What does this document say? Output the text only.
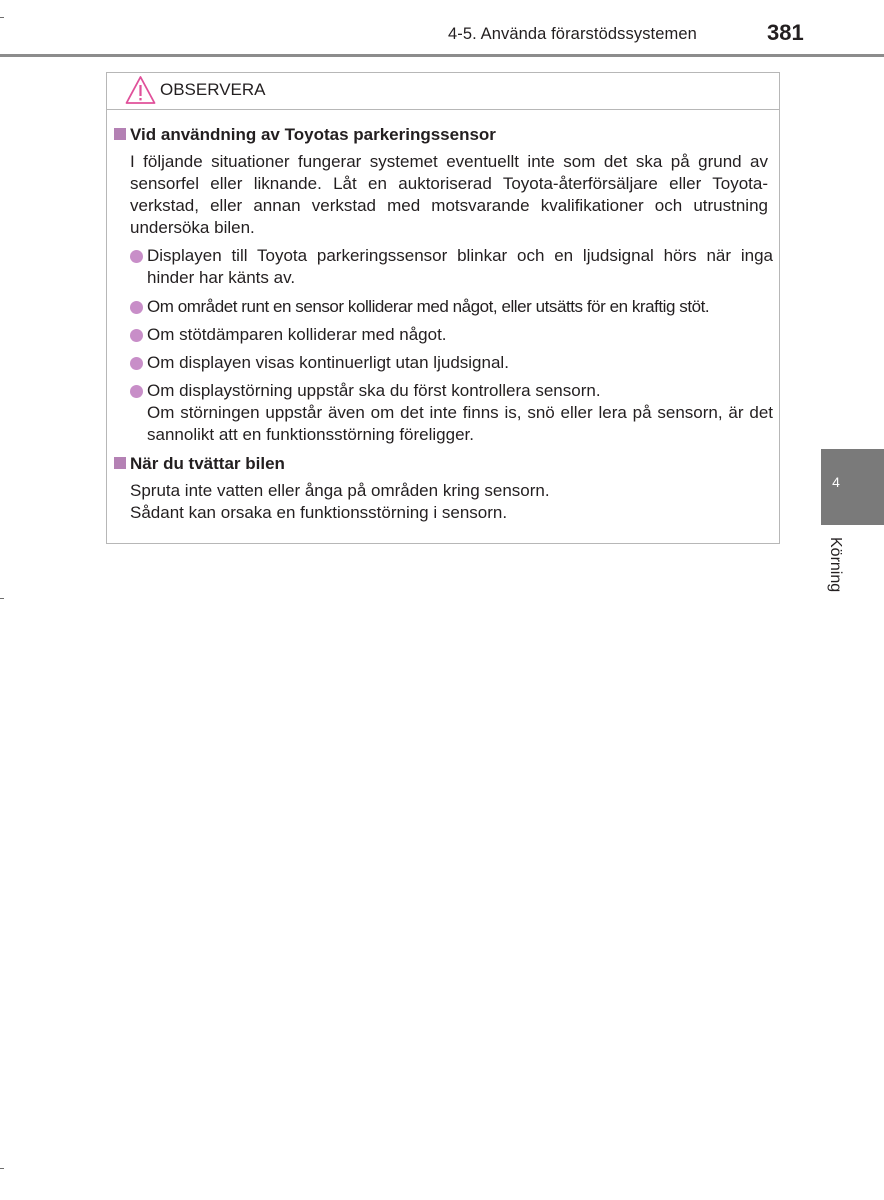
4-5. Använda förarstödssystemen	381
OBSERVERA
Vid användning av Toyotas parkeringssensor
I följande situationer fungerar systemet eventuellt inte som det ska på grund av sensorfel eller liknande. Låt en auktoriserad Toyota-återförsäljare eller Toyota-verkstad, eller annan verkstad med motsvarande kvalifikationer och utrustning undersöka bilen.
Displayen till Toyota parkeringssensor blinkar och en ljudsignal hörs när inga hinder har känts av.
Om området runt en sensor kolliderar med något, eller utsätts för en kraftig stöt.
Om stötdämparen kolliderar med något.
Om displayen visas kontinuerligt utan ljudsignal.
Om displaystörning uppstår ska du först kontrollera sensorn.
Om störningen uppstår även om det inte finns is, snö eller lera på sensorn, är det sannolikt att en funktionsstörning föreligger.
När du tvättar bilen
Spruta inte vatten eller ånga på områden kring sensorn.
Sådant kan orsaka en funktionsstörning i sensorn.
4
Körning
